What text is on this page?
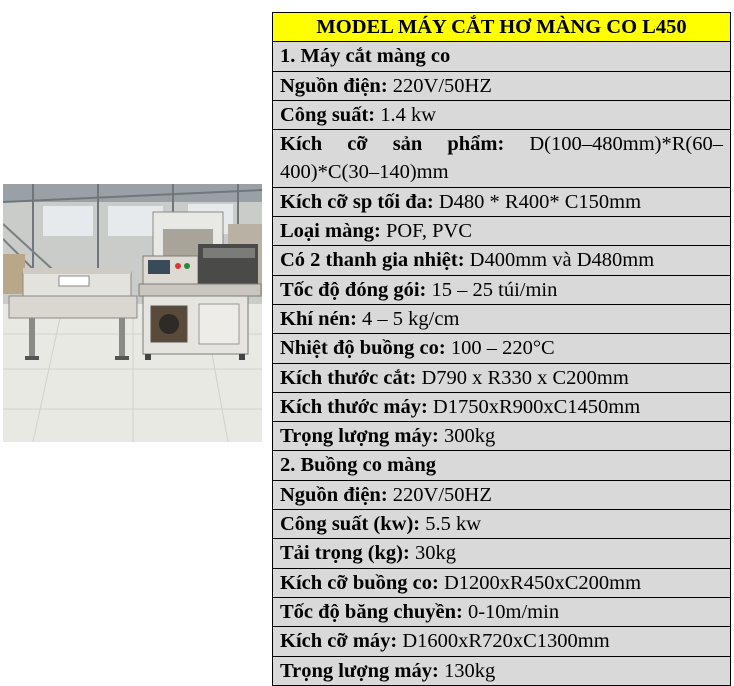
MODEL MÁY CẮT HƠ MÀNG CO L450
1. Máy cắt màng co
Nguồn điện: 220V/50HZ
Công suất: 1.4 kw
Kích cỡ sản phẩm: D(100–480mm)*R(60–400)*C(30–140)mm
Kích cỡ sp tối đa: D480 * R400* C150mm
Loại màng: POF, PVC
Có 2 thanh gia nhiệt: D400mm và D480mm
Tốc độ đóng gói: 15 – 25 túi/min
Khí nén: 4 – 5 kg/cm
Nhiệt độ buồng co: 100 – 220°C
Kích thước cắt: D790 x R330 x C200mm
Kích thước máy: D1750xR900xC1450mm
Trọng lượng máy: 300kg
2. Buồng co màng
Nguồn điện: 220V/50HZ
Công suất (kw): 5.5 kw
Tải trọng (kg): 30kg
Kích cỡ buồng co: D1200xR450xC200mm
Tốc độ băng chuyền: 0-10m/min
Kích cỡ máy: D1600xR720xC1300mm
Trọng lượng máy: 130kg
